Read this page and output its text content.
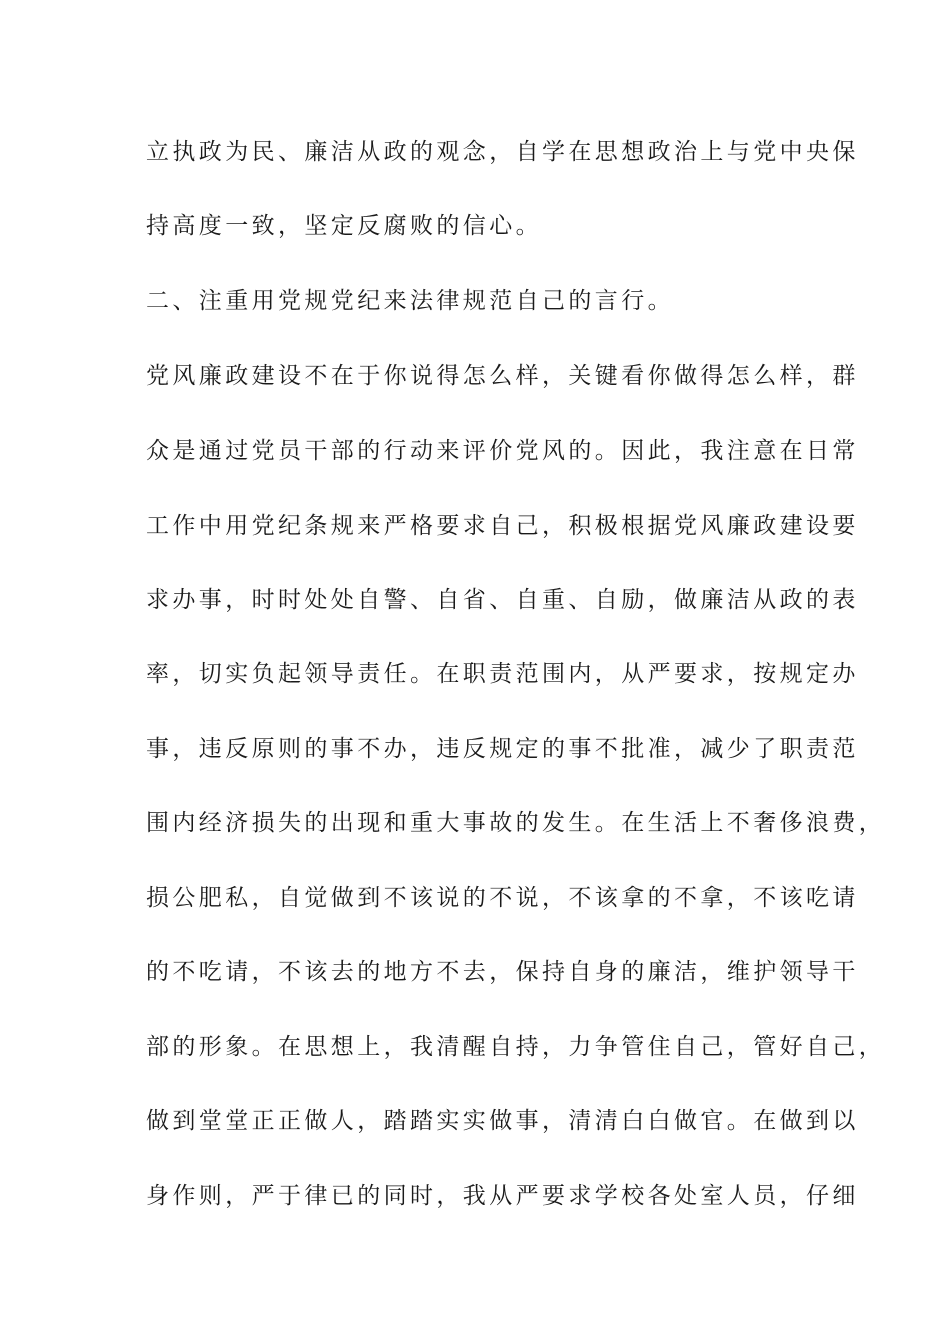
立执政为民、廉洁从政的观念，自学在思想政治上与党中央保
持高度一致，坚定反腐败的信心。
二、注重用党规党纪来法律规范自己的言行。
党风廉政建设不在于你说得怎么样，关键看你做得怎么样，群
众是通过党员干部的行动来评价党风的。因此，我注意在日常
工作中用党纪条规来严格要求自己，积极根据党风廉政建设要
求办事，时时处处自警、自省、自重、自励，做廉洁从政的表
率，切实负起领导责任。在职责范围内，从严要求，按规定办
事，违反原则的事不办，违反规定的事不批准，减少了职责范
围内经济损失的出现和重大事故的发生。在生活上不奢侈浪费，
损公肥私，自觉做到不该说的不说，不该拿的不拿，不该吃请
的不吃请，不该去的地方不去，保持自身的廉洁，维护领导干
部的形象。在思想上，我清醒自持，力争管住自己，管好自己，
做到堂堂正正做人，踏踏实实做事，清清白白做官。在做到以
身作则，严于律已的同时，我从严要求学校各处室人员，仔细
